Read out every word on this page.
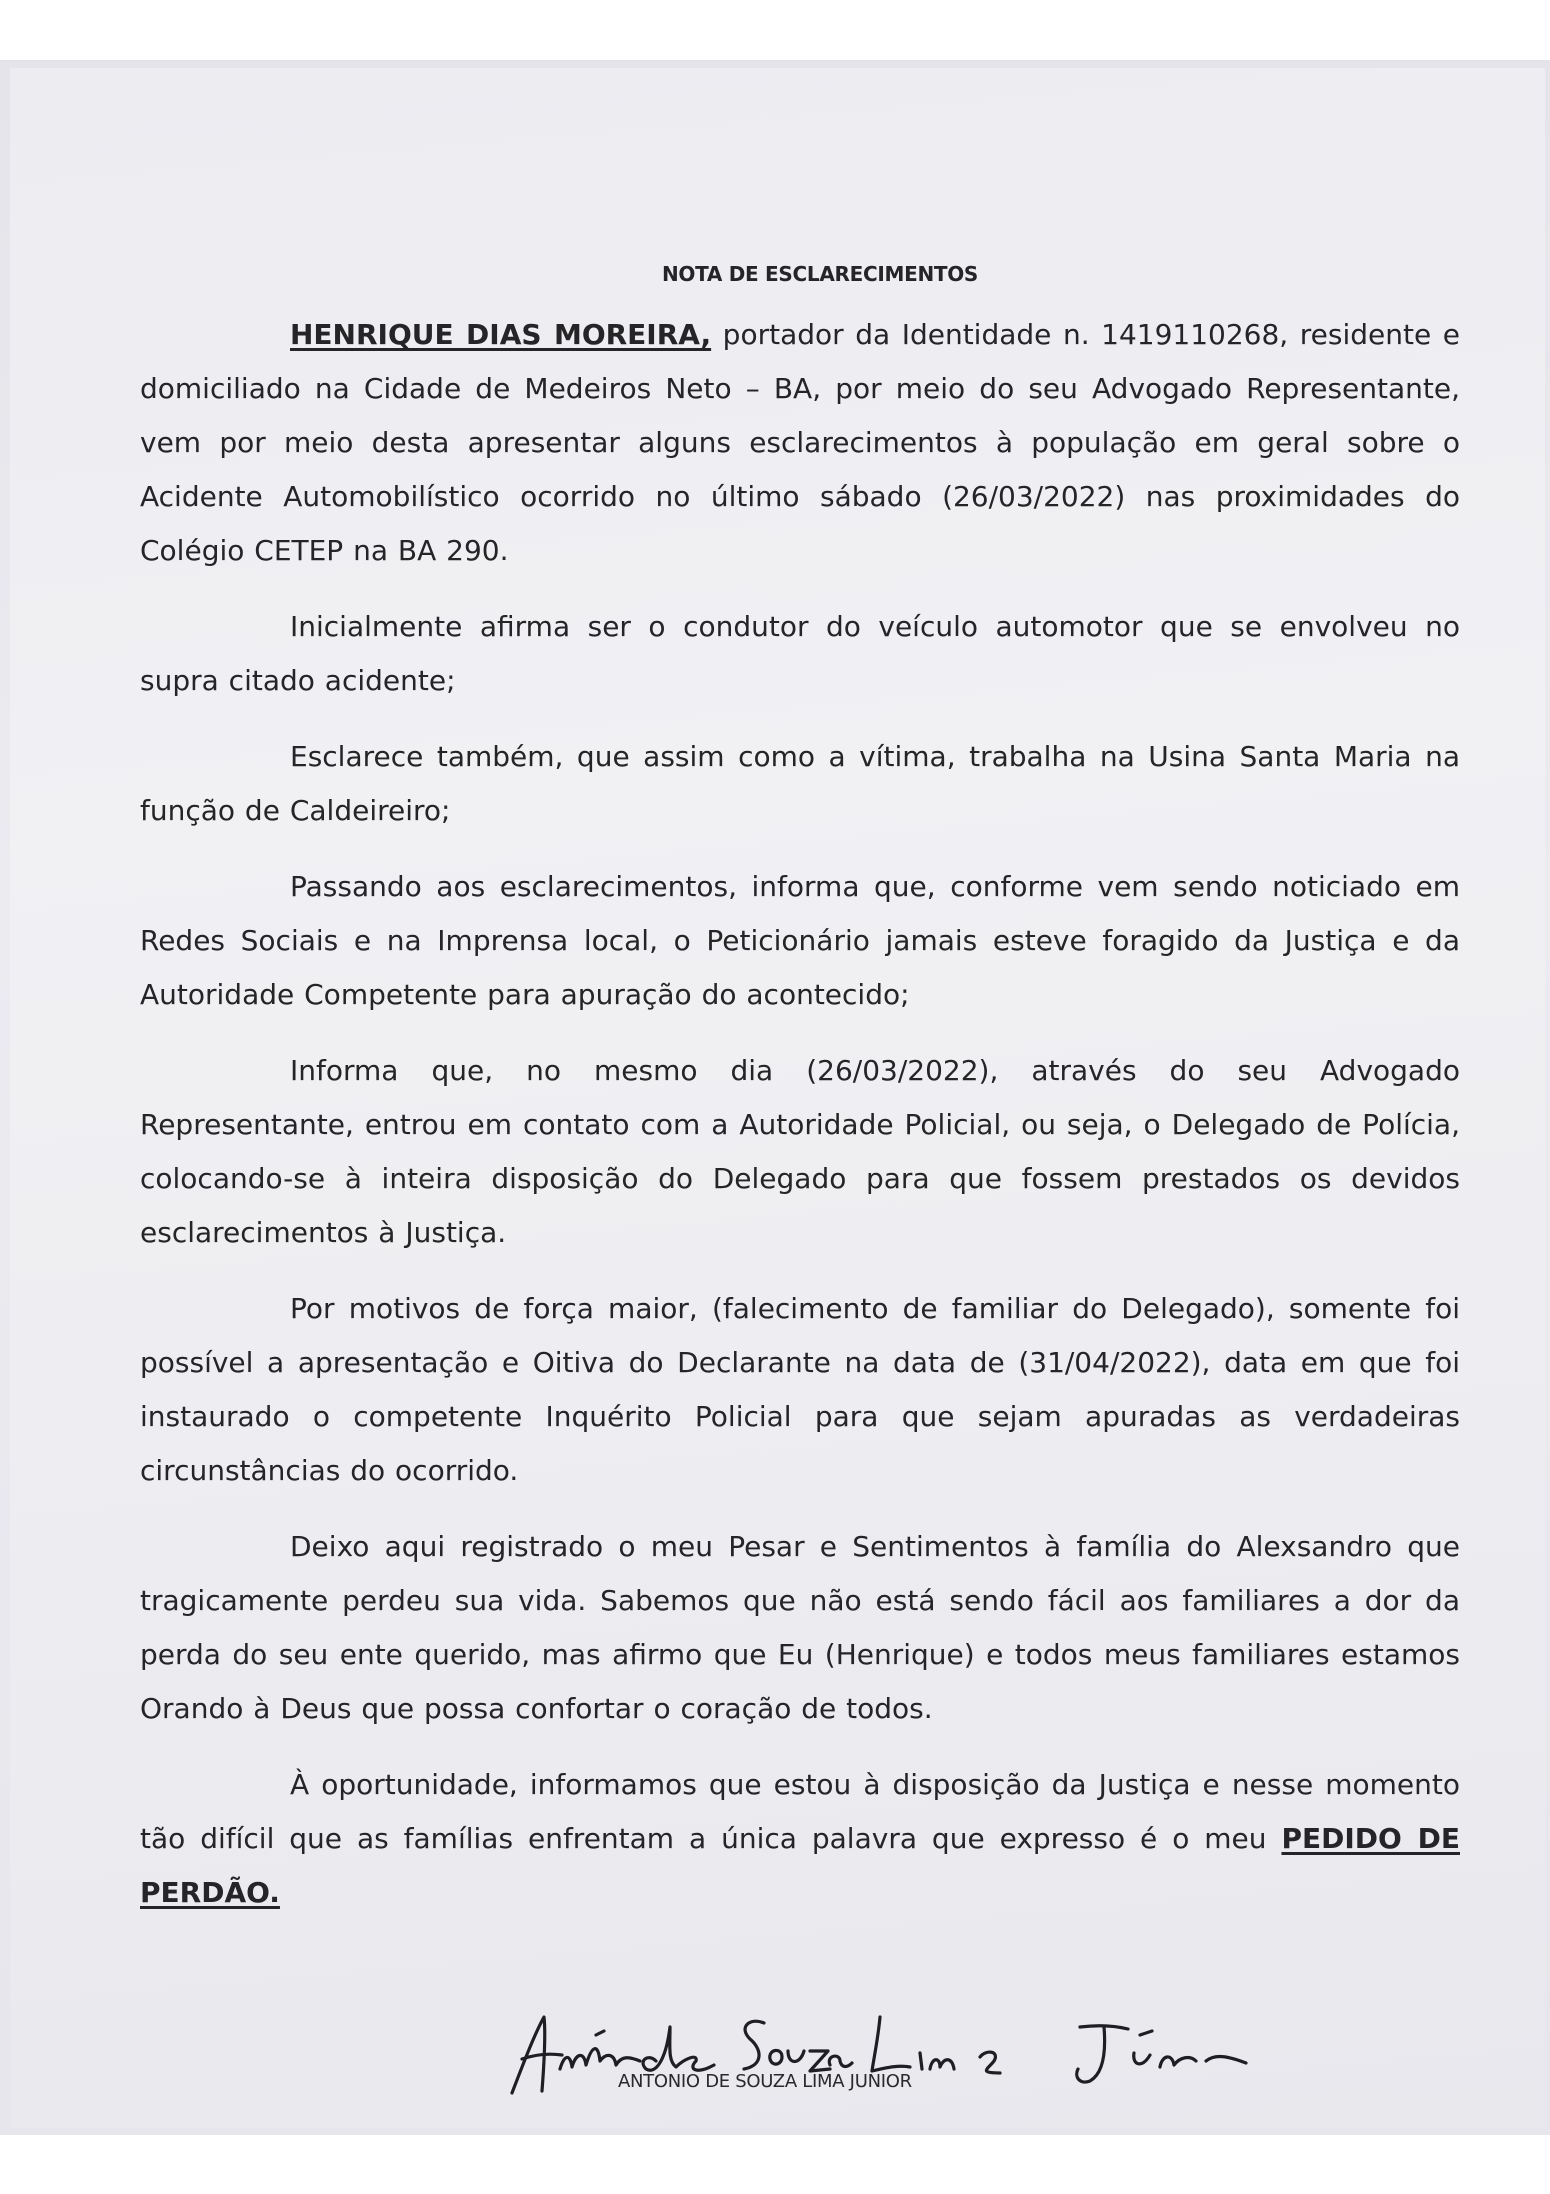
NOTA DE ESCLARECIMENTOS

HENRIQUE DIAS MOREIRA, portador da Identidade n. 1419110268, residente e domiciliado na Cidade de Medeiros Neto – BA, por meio do seu Advogado Representante, vem por meio desta apresentar alguns esclarecimentos à população em geral sobre o Acidente Automobilístico ocorrido no último sábado (26/03/2022) nas proximidades do Colégio CETEP na BA 290.

Inicialmente afirma ser o condutor do veículo automotor que se envolveu no supra citado acidente;

Esclarece também, que assim como a vítima, trabalha na Usina Santa Maria na função de Caldeireiro;

Passando aos esclarecimentos, informa que, conforme vem sendo noticiado em Redes Sociais e na Imprensa local, o Peticionário jamais esteve foragido da Justiça e da Autoridade Competente para apuração do acontecido;

Informa que, no mesmo dia (26/03/2022), através do seu Advogado Representante, entrou em contato com a Autoridade Policial, ou seja, o Delegado de Polícia, colocando-se à inteira disposição do Delegado para que fossem prestados os devidos esclarecimentos à Justiça.

Por motivos de força maior, (falecimento de familiar do Delegado), somente foi possível a apresentação e Oitiva do Declarante na data de (31/04/2022), data em que foi instaurado o competente Inquérito Policial para que sejam apuradas as verdadeiras circunstâncias do ocorrido.

Deixo aqui registrado o meu Pesar e Sentimentos à família do Alexsandro que tragicamente perdeu sua vida. Sabemos que não está sendo fácil aos familiares a dor da perda do seu ente querido, mas afirmo que Eu (Henrique) e todos meus familiares estamos Orando à Deus que possa confortar o coração de todos.

À oportunidade, informamos que estou à disposição da Justiça e nesse momento tão difícil que as famílias enfrentam a única palavra que expresso é o meu PEDIDO DE PERDÃO.

ANTONIO DE SOUZA LIMA JUNIOR
